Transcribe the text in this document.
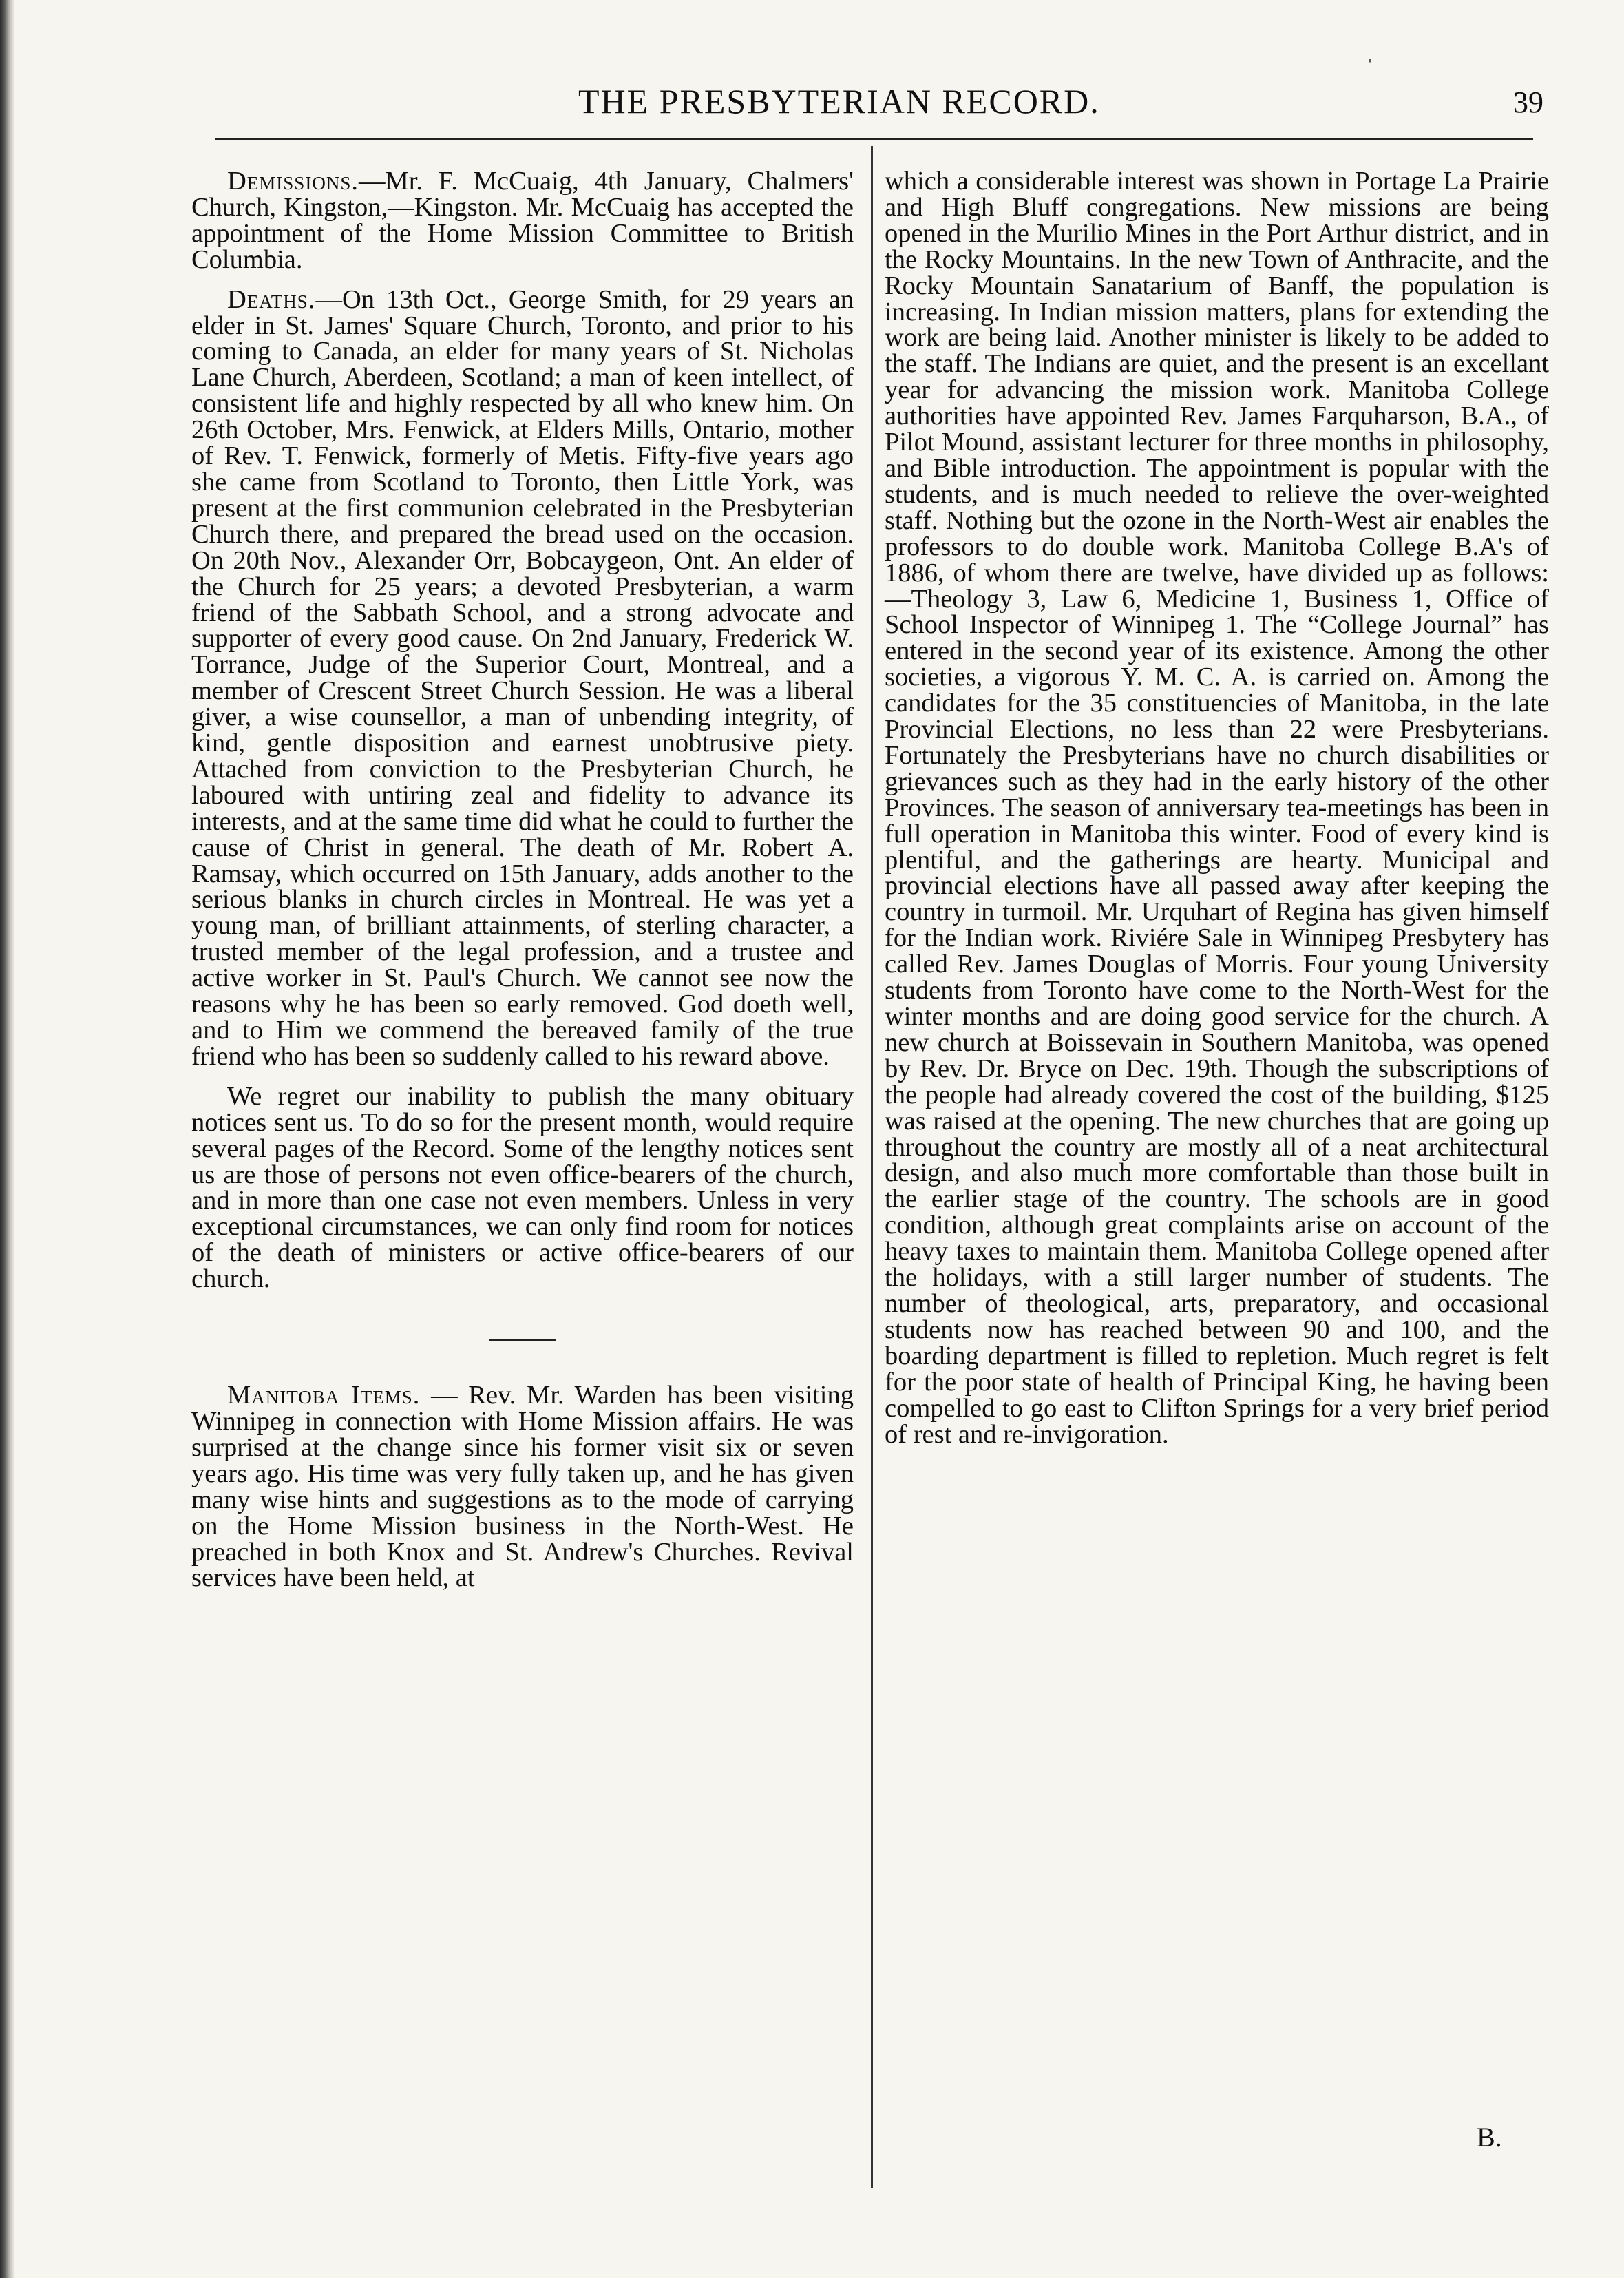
ˌ
THE PRESBYTERIAN RECORD.	39

Demissions.—Mr. F. McCuaig, 4th January, Chalmers' Church, Kingston,—Kingston. Mr. McCuaig has accepted the appointment of the Home Mission Committee to British Columbia.

Deaths.—On 13th Oct., George Smith, for 29 years an elder in St. James' Square Church, Toronto, and prior to his coming to Canada, an elder for many years of St. Nicholas Lane Church, Aberdeen, Scotland; a man of keen intellect, of consistent life and highly respected by all who knew him. On 26th October, Mrs. Fenwick, at Elders Mills, Ontario, mother of Rev. T. Fenwick, formerly of Metis. Fifty-five years ago she came from Scotland to Toronto, then Little York, was present at the first communion celebrated in the Presbyterian Church there, and prepared the bread used on the occasion. On 20th Nov., Alexander Orr, Bobcaygeon, Ont. An elder of the Church for 25 years; a devoted Presbyterian, a warm friend of the Sabbath School, and a strong advocate and supporter of every good cause. On 2nd January, Frederick W. Torrance, Judge of the Superior Court, Montreal, and a member of Crescent Street Church Session. He was a liberal giver, a wise counsellor, a man of unbending integrity, of kind, gentle disposition and earnest unobtrusive piety. Attached from conviction to the Presbyterian Church, he laboured with untiring zeal and fidelity to advance its interests, and at the same time did what he could to further the cause of Christ in general. The death of Mr. Robert A. Ramsay, which occurred on 15th January, adds another to the serious blanks in church circles in Montreal. He was yet a young man, of brilliant attainments, of sterling character, a trusted member of the legal profession, and a trustee and active worker in St. Paul's Church. We cannot see now the reasons why he has been so early removed. God doeth well, and to Him we commend the bereaved family of the true friend who has been so suddenly called to his reward above.

We regret our inability to publish the many obituary notices sent us. To do so for the present month, would require several pages of the Record. Some of the lengthy notices sent us are those of persons not even office-bearers of the church, and in more than one case not even members. Unless in very exceptional circumstances, we can only find room for notices of the death of ministers or active office-bearers of our church.

Manitoba Items. — Rev. Mr. Warden has been visiting Winnipeg in connection with Home Mission affairs. He was surprised at the change since his former visit six or seven years ago. His time was very fully taken up, and he has given many wise hints and suggestions as to the mode of carrying on the Home Mission business in the North-West. He preached in both Knox and St. Andrew's Churches. Revival services have been held, at

which a considerable interest was shown in Portage La Prairie and High Bluff congregations. New missions are being opened in the Murilio Mines in the Port Arthur district, and in the Rocky Mountains. In the new Town of Anthracite, and the Rocky Mountain Sanatarium of Banff, the population is increasing. In Indian mission matters, plans for extending the work are being laid. Another minister is likely to be added to the staff. The Indians are quiet, and the present is an excellant year for advancing the mission work. Manitoba College authorities have appointed Rev. James Farquharson, B.A., of Pilot Mound, assistant lecturer for three months in philosophy, and Bible introduction. The appointment is popular with the students, and is much needed to relieve the over-weighted staff. Nothing but the ozone in the North-West air enables the professors to do double work. Manitoba College B.A's of 1886, of whom there are twelve, have divided up as follows:—Theology 3, Law 6, Medicine 1, Business 1, Office of School Inspector of Winnipeg 1. The “College Journal” has entered in the second year of its existence. Among the other societies, a vigorous Y. M. C. A. is carried on. Among the candidates for the 35 constituencies of Manitoba, in the late Provincial Elections, no less than 22 were Presbyterians. Fortunately the Presbyterians have no church disabilities or grievances such as they had in the early history of the other Provinces. The season of anniversary tea-meetings has been in full operation in Manitoba this winter. Food of every kind is plentiful, and the gatherings are hearty. Municipal and provincial elections have all passed away after keeping the country in turmoil. Mr. Urquhart of Regina has given himself for the Indian work. Riviére Sale in Winnipeg Presbytery has called Rev. James Douglas of Morris. Four young University students from Toronto have come to the North-West for the winter months and are doing good service for the church. A new church at Boissevain in Southern Manitoba, was opened by Rev. Dr. Bryce on Dec. 19th. Though the subscriptions of the people had already covered the cost of the building, $125 was raised at the opening. The new churches that are going up throughout the country are mostly all of a neat architectural design, and also much more comfortable than those built in the earlier stage of the country. The schools are in good condition, although great complaints arise on account of the heavy taxes to maintain them. Manitoba College opened after the holidays, with a still larger number of students. The number of theological, arts, preparatory, and occasional students now has reached between 90 and 100, and the boarding department is filled to repletion. Much regret is felt for the poor state of health of Principal King, he having been compelled to go east to Clifton Springs for a very brief period of rest and re-invigoration.

B.
